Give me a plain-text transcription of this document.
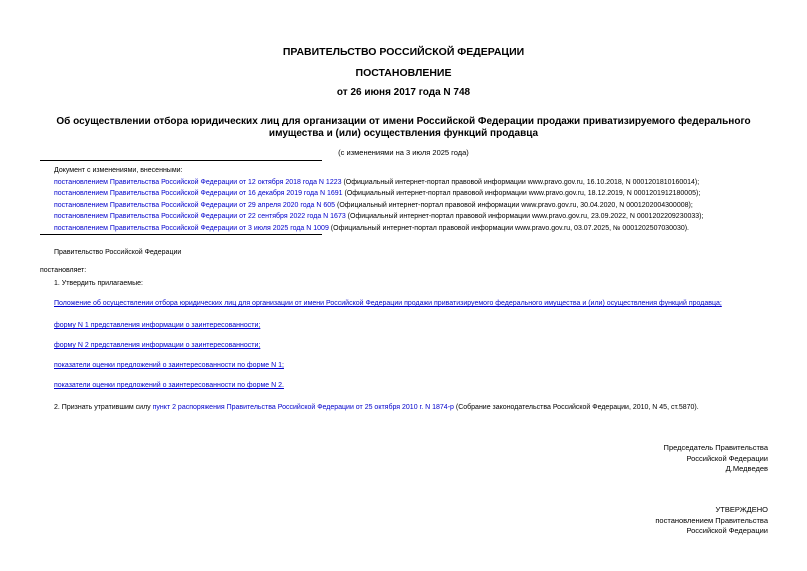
ПРАВИТЕЛЬСТВО РОССИЙСКОЙ ФЕДЕРАЦИИ
ПОСТАНОВЛЕНИЕ
от 26 июня 2017 года N 748
Об осуществлении отбора юридических лиц для организации от имени Российской Федерации продажи приватизируемого федерального имущества и (или) осуществления функций продавца
(с изменениями на 3 июля 2025 года)
Документ с изменениями, внесенными:
постановлением Правительства Российской Федерации от 12 октября 2018 года N 1223 (Официальный интернет-портал правовой информации www.pravo.gov.ru, 16.10.2018, N 0001201810160014);
постановлением Правительства Российской Федерации от 16 декабря 2019 года N 1691 (Официальный интернет-портал правовой информации www.pravo.gov.ru, 18.12.2019, N 0001201912180005);
постановлением Правительства Российской Федерации от 29 апреля 2020 года N 605 (Официальный интернет-портал правовой информации www.pravo.gov.ru, 30.04.2020, N 0001202004300008);
постановлением Правительства Российской Федерации от 22 сентября 2022 года N 1673 (Официальный интернет-портал правовой информации www.pravo.gov.ru, 23.09.2022, N 0001202209230033);
постановлением Правительства Российской Федерации от 3 июля 2025 года N 1009 (Официальный интернет-портал правовой информации www.pravo.gov.ru, 03.07.2025, № 0001202507030030).
Правительство Российской Федерации
постановляет:
1. Утвердить прилагаемые:
Положение об осуществлении отбора юридических лиц для организации от имени Российской Федерации продажи приватизируемого федерального имущества и (или) осуществления функций продавца;
форму N 1 представления информации о заинтересованности;
форму N 2 представления информации о заинтересованности;
показатели оценки предложений о заинтересованности по форме N 1;
показатели оценки предложений о заинтересованности по форме N 2.
2. Признать утратившим силу пункт 2 распоряжения Правительства Российской Федерации от 25 октября 2010 г. N 1874-р (Собрание законодательства Российской Федерации, 2010, N 45, ст.5870).
Председатель Правительства
Российской Федерации
Д.Медведев
УТВЕРЖДЕНО
постановлением Правительства
Российской Федерации
